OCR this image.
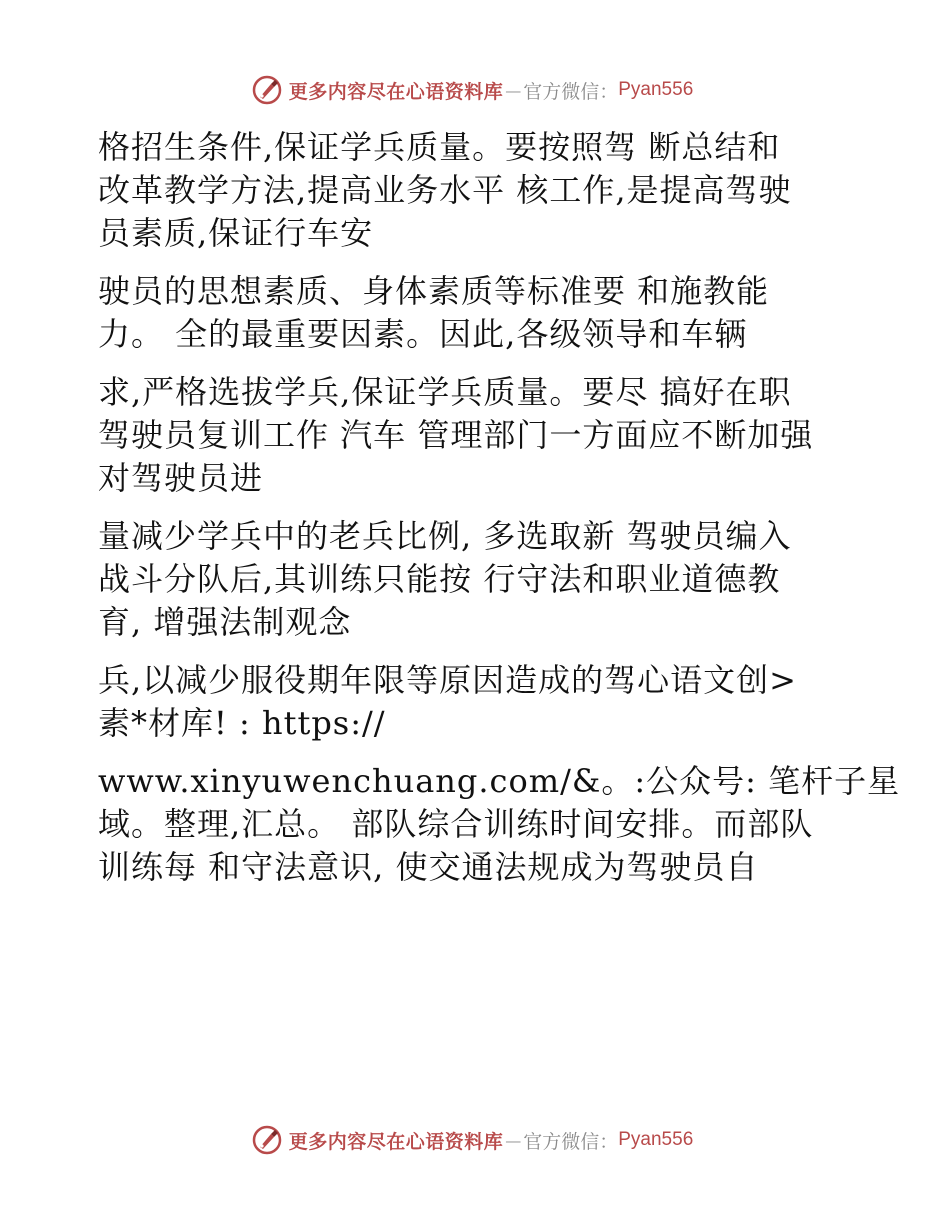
更多内容尽在心语资料库 — 官方微信： Pyan556
格招生条件,保证学兵质量。要按照驾 断总结和
改革教学方法,提高业务水平 核工作,是提高驾驶
员素质,保证行车安
驶员的思想素质、身体素质等标准要 和施教能
力。 全的最重要因素。因此,各级领导和车辆
求,严格选拔学兵,保证学兵质量。要尽 搞好在职
驾驶员复训工作 汽车 管理部门一方面应不断加强
对驾驶员进
量减少学兵中的老兵比例, 多选取新 驾驶员编入
战斗分队后,其训练只能按 行守法和职业道德教
育, 增强法制观念
兵,以减少服役期年限等原因造成的驾心语文创>
素*材库! : https://
www.xinyuwenchuang.com/&。:公众号: 笔杆子星
域。整理,汇总。 部队综合训练时间安排。而部队
训练每 和守法意识, 使交通法规成为驾驶员自
更多内容尽在心语资料库 — 官方微信： Pyan556
